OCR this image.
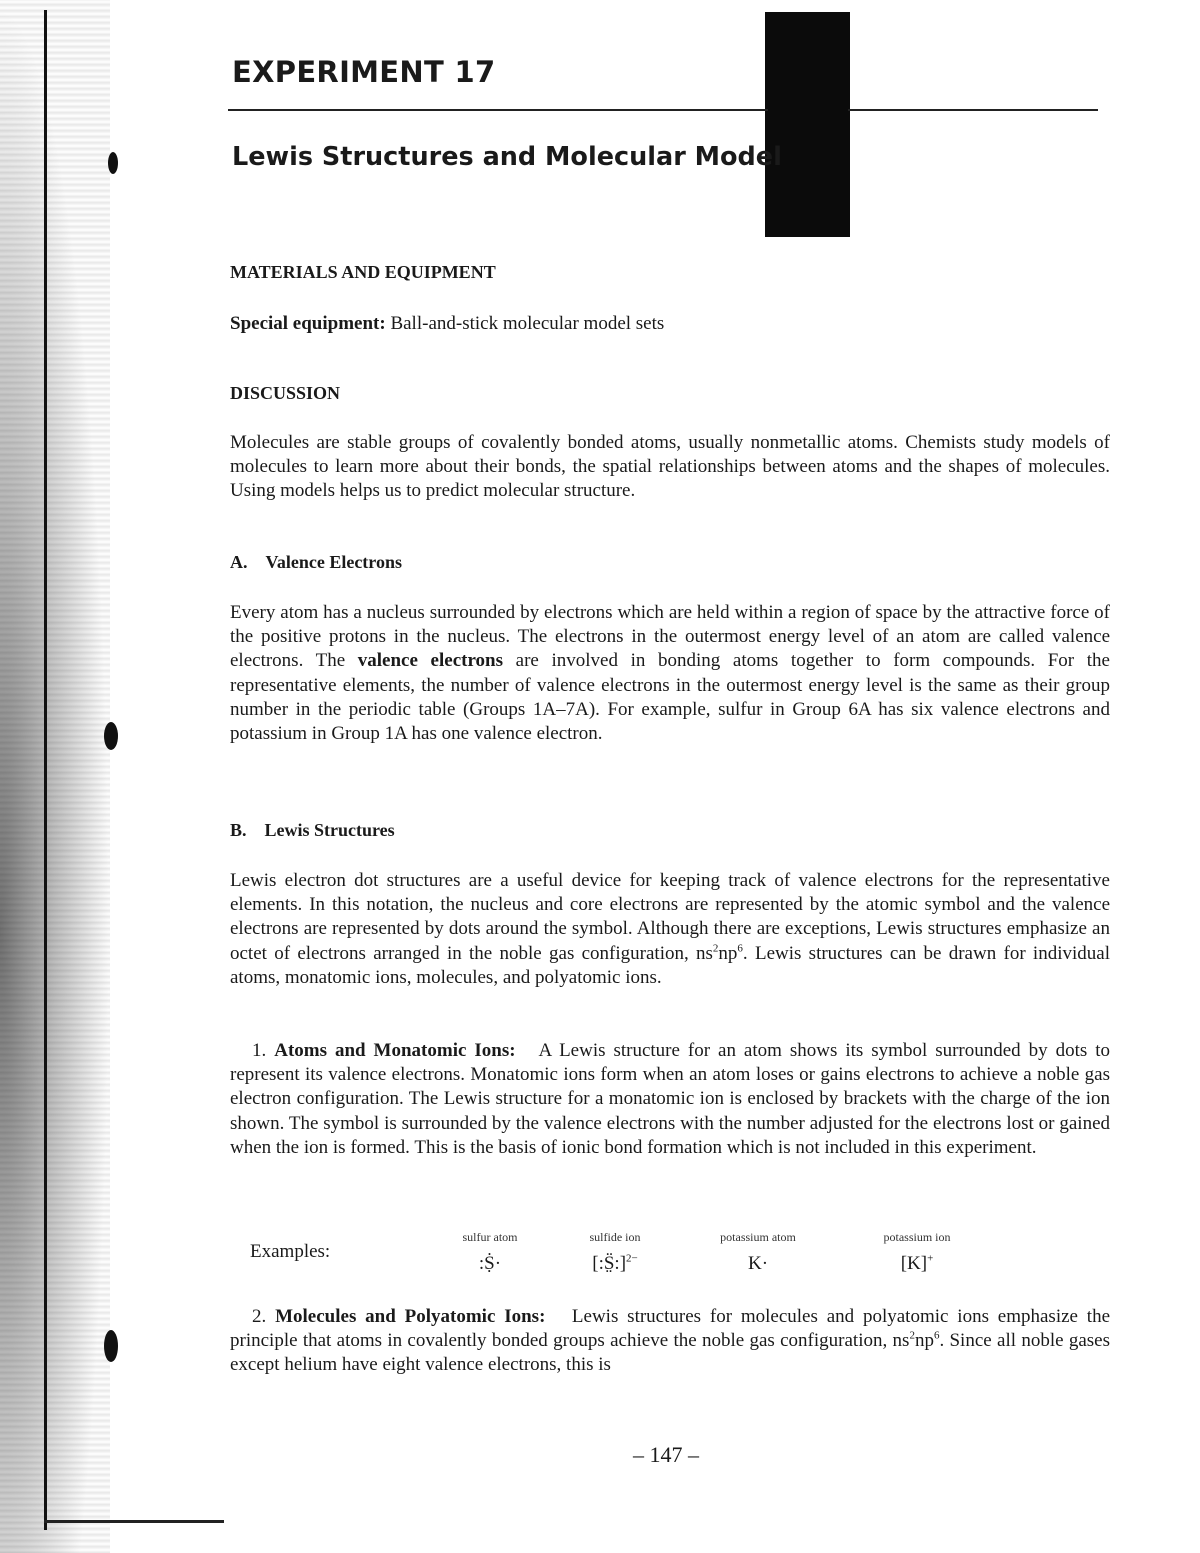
EXPERIMENT 17
Lewis Structures and Molecular Model
MATERIALS AND EQUIPMENT
Special equipment: Ball-and-stick molecular model sets
DISCUSSION
Molecules are stable groups of covalently bonded atoms, usually nonmetallic atoms. Chemists study models of molecules to learn more about their bonds, the spatial relationships between atoms and the shapes of molecules. Using models helps us to predict molecular structure.
A. Valence Electrons
Every atom has a nucleus surrounded by electrons which are held within a region of space by the attractive force of the positive protons in the nucleus. The electrons in the outermost energy level of an atom are called valence electrons. The valence electrons are involved in bonding atoms together to form compounds. For the representative elements, the number of valence electrons in the outermost energy level is the same as their group number in the periodic table (Groups 1A–7A). For example, sulfur in Group 6A has six valence electrons and potassium in Group 1A has one valence electron.
B. Lewis Structures
Lewis electron dot structures are a useful device for keeping track of valence electrons for the representative elements. In this notation, the nucleus and core electrons are represented by the atomic symbol and the valence electrons are represented by dots around the symbol. Although there are exceptions, Lewis structures emphasize an octet of electrons arranged in the noble gas configuration, $ns^2np^6$. Lewis structures can be drawn for individual atoms, monatomic ions, molecules, and polyatomic ions.
1. Atoms and Monatomic Ions: A Lewis structure for an atom shows its symbol surrounded by dots to represent its valence electrons. Monatomic ions form when an atom loses or gains electrons to achieve a noble gas electron configuration. The Lewis structure for a monatomic ion is enclosed by brackets with the charge of the ion shown. The symbol is surrounded by the valence electrons with the number adjusted for the electrons lost or gained when the ion is formed. This is the basis of ionic bond formation which is not included in this experiment.
Examples:
sulfur atom
:Ṩ·
sulfide ion
[:S̤̈:]$^{2-}$
potassium atom
K·
potassium ion
[K]+
2. Molecules and Polyatomic Ions: Lewis structures for molecules and polyatomic ions emphasize the principle that atoms in covalently bonded groups achieve the noble gas configuration, $ns^2np^6$. Since all noble gases except helium have eight valence electrons, this is
– 147 –
